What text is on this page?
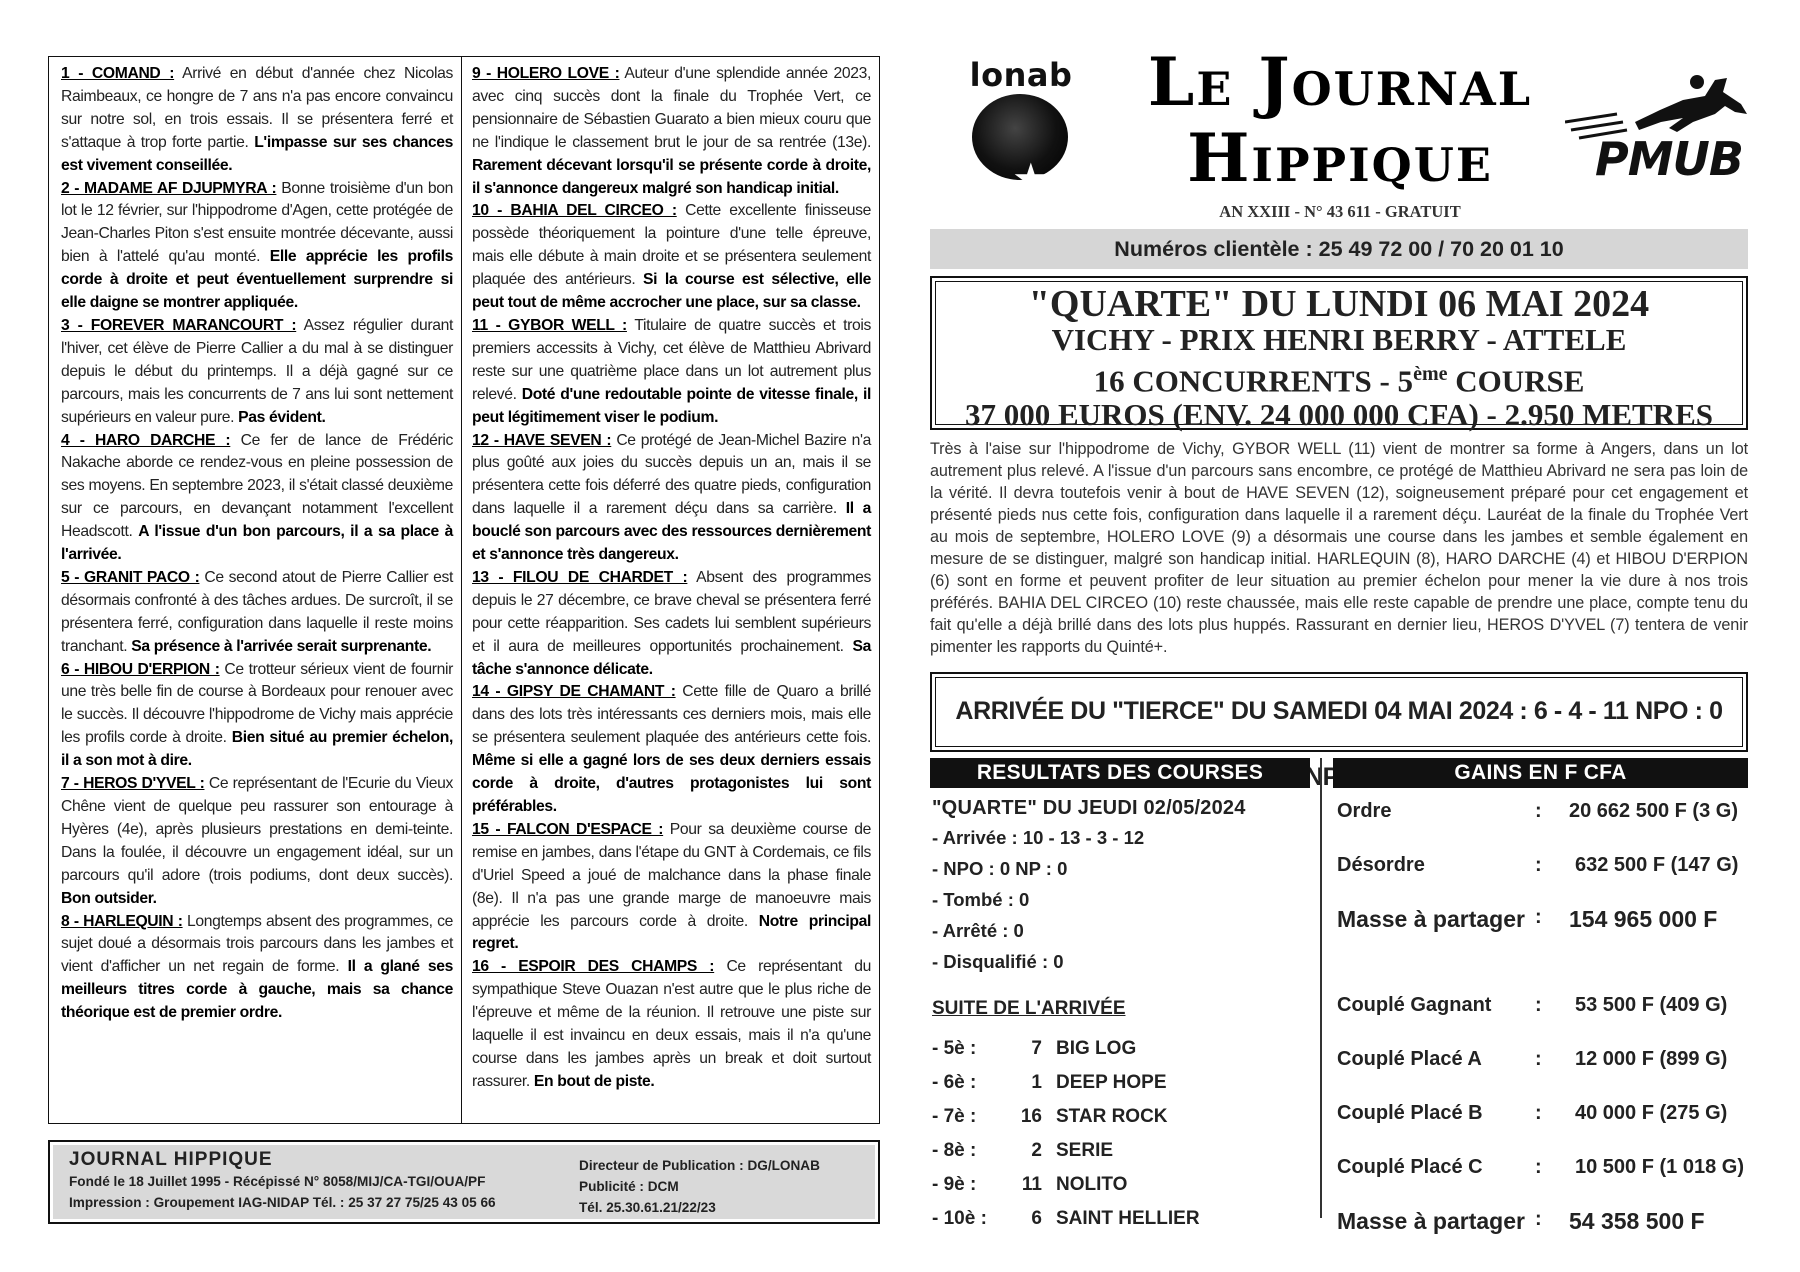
1 - COMAND : Arrivé en début d'année chez Nicolas Raimbeaux, ce hongre de 7 ans n'a pas encore convaincu sur notre sol, en trois essais. Il se présentera ferré et s'attaque à trop forte partie. L'impasse sur ses chances est vivement conseillée.

2 - MADAME AF DJUPMYRA : Bonne troisième d'un bon lot le 12 février, sur l'hippodrome d'Agen, cette protégée de Jean-Charles Piton s'est ensuite montrée décevante, aussi bien à l'attelé qu'au monté. Elle apprécie les profils corde à droite et peut éventuellement surprendre si elle daigne se montrer appliquée.

3 - FOREVER MARANCOURT : Assez régulier durant l'hiver, cet élève de Pierre Callier a du mal à se distinguer depuis le début du printemps. Il a déjà gagné sur ce parcours, mais les concurrents de 7 ans lui sont nettement supérieurs en valeur pure. Pas évident.

4 - HARO DARCHE : Ce fer de lance de Frédéric Nakache aborde ce rendez-vous en pleine possession de ses moyens. En septembre 2023, il s'était classé deuxième sur ce parcours, en devançant notamment l'excellent Headscott. A l'issue d'un bon parcours, il a sa place à l'arrivée.

5 - GRANIT PACO : Ce second atout de Pierre Callier est désormais confronté à des tâches ardues. De surcroît, il se présentera ferré, configuration dans laquelle il reste moins tranchant. Sa présence à l'arrivée serait surprenante.

6 - HIBOU D'ERPION : Ce trotteur sérieux vient de fournir une très belle fin de course à Bordeaux pour renouer avec le succès. Il découvre l'hippodrome de Vichy mais apprécie les profils corde à droite. Bien situé au premier échelon, il a son mot à dire.

7 - HEROS D'YVEL : Ce représentant de l'Ecurie du Vieux Chêne vient de quelque peu rassurer son entourage à Hyères (4e), après plusieurs prestations en demi-teinte. Dans la foulée, il découvre un engagement idéal, sur un parcours qu'il adore (trois podiums, dont deux succès). Bon outsider.

8 - HARLEQUIN : Longtemps absent des programmes, ce sujet doué a désormais trois parcours dans les jambes et vient d'afficher un net regain de forme. Il a glané ses meilleurs titres corde à gauche, mais sa chance théorique est de premier ordre.

9 - HOLERO LOVE : Auteur d'une splendide année 2023, avec cinq succès dont la finale du Trophée Vert, ce pensionnaire de Sébastien Guarato a bien mieux couru que ne l'indique le classement brut le jour de sa rentrée (13e). Rarement décevant lorsqu'il se présente corde à droite, il s'annonce dangereux malgré son handicap initial.

10 - BAHIA DEL CIRCEO : Cette excellente finisseuse possède théoriquement la pointure d'une telle épreuve, mais elle débute à main droite et se présentera seulement plaquée des antérieurs. Si la course est sélective, elle peut tout de même accrocher une place, sur sa classe.

11 - GYBOR WELL : Titulaire de quatre succès et trois premiers accessits à Vichy, cet élève de Matthieu Abrivard reste sur une quatrième place dans un lot autrement plus relevé. Doté d'une redoutable pointe de vitesse finale, il peut légitimement viser le podium.

12 - HAVE SEVEN : Ce protégé de Jean-Michel Bazire n'a plus goûté aux joies du succès depuis un an, mais il se présentera cette fois déferré des quatre pieds, configuration dans laquelle il a rarement déçu dans sa carrière. Il a bouclé son parcours avec des ressources dernièrement et s'annonce très dangereux.

13 - FILOU DE CHARDET : Absent des programmes depuis le 27 décembre, ce brave cheval se présentera ferré pour cette réapparition. Ses cadets lui semblent supérieurs et il aura de meilleures opportunités prochainement. Sa tâche s'annonce délicate.

14 - GIPSY DE CHAMANT : Cette fille de Quaro a brillé dans des lots très intéressants ces derniers mois, mais elle se présentera seulement plaquée des antérieurs cette fois. Même si elle a gagné lors de ses deux derniers essais corde à droite, d'autres protagonistes lui sont préférables.

15 - FALCON D'ESPACE : Pour sa deuxième course de remise en jambes, dans l'étape du GNT à Cordemais, ce fils d'Uriel Speed a joué de malchance dans la phase finale (8e). Il n'a pas une grande marge de manoeuvre mais apprécie les parcours corde à droite. Notre principal regret.

16 - ESPOIR DES CHAMPS : Ce représentant du sympathique Steve Ouazan n'est autre que le plus riche de l'épreuve et même de la réunion. Il retrouve une piste sur laquelle il est invaincu en deux essais, mais il n'a qu'une course dans les jambes après un break et doit surtout rassurer. En bout de piste.

JOURNAL HIPPIQUE
Fondé le 18 Juillet 1995 - Récépissé N° 8058/MIJ/CA-TGI/OUA/PF
Impression : Groupement IAG-NIDAP Tél. : 25 37 27 75/25 43 05 66
Directeur de Publication : DG/LONAB
Publicité : DCM
Tél. 25.30.61.21/22/23
lonab
★
Le Journal
Hippique	PMUB
AN XXIII - N° 43 611 - GRATUIT
Numéros clientèle : 25 49 72 00 / 70 20 01 10
"QUARTE" DU LUNDI 06 MAI 2024
VICHY - PRIX HENRI BERRY - ATTELE
16 CONCURRENTS - 5ème COURSE
37 000 EUROS (ENV. 24 000 000 CFA) - 2.950 METRES
Très à l'aise sur l'hippodrome de Vichy, GYBOR WELL (11) vient de montrer sa forme à Angers, dans un lot autrement plus relevé. A l'issue d'un parcours sans encombre, ce protégé de Matthieu Abrivard ne sera pas loin de la vérité. Il devra toutefois venir à bout de HAVE SEVEN (12), soigneusement préparé pour cet engagement et présenté pieds nus cette fois, configuration dans laquelle il a rarement déçu. Lauréat de la finale du Trophée Vert au mois de septembre, HOLERO LOVE (9) a désormais une course dans les jambes et semble également en mesure de se distinguer, malgré son handicap initial. HARLEQUIN (8), HARO DARCHE (4) et HIBOU D'ERPION (6) sont en forme et peuvent profiter de leur situation au premier échelon pour mener la vie dure à nos trois préférés. BAHIA DEL CIRCEO (10) reste chaussée, mais elle reste capable de prendre une place, compte tenu du fait qu'elle a déjà brillé dans des lots plus huppés. Rassurant en dernier lieu, HEROS D'YVEL (7) tentera de venir pimenter les rapports du Quinté+.
ARRIVÉE DU "TIERCE" DU SAMEDI 04 MAI 2024 : 6 - 4 - 11 NPO : 0
RESULTATS DES COURSES	GAINS EN F CFA
"QUARTE" DU JEUDI 02/05/2024
- Arrivée : 10 - 13 - 3 - 12
- NPO : 0 NP : 0
- Tombé : 0
- Arrêté : 0
- Disqualifié : 0
SUITE DE L'ARRIVÉE
- 5è :	7 BIG LOG
- 6è :	1 DEEP HOPE
- 7è :	16 STAR ROCK
- 8è :	2 SERIE
- 9è :	11 NOLITO
- 10è :	6 SAINT HELLIER
Ordre	:	20 662 500 F (3 G)
Désordre	:	632 500 F (147 G)
Masse à partager :	154 965 000 F
Couplé Gagnant	:	53 500 F (409 G)
Couplé Placé A	:	12 000 F (899 G)
Couplé Placé B	:	40 000 F (275 G)
Couplé Placé C	:	10 500 F (1 018 G)
Masse à partager :	54 358 500 F
